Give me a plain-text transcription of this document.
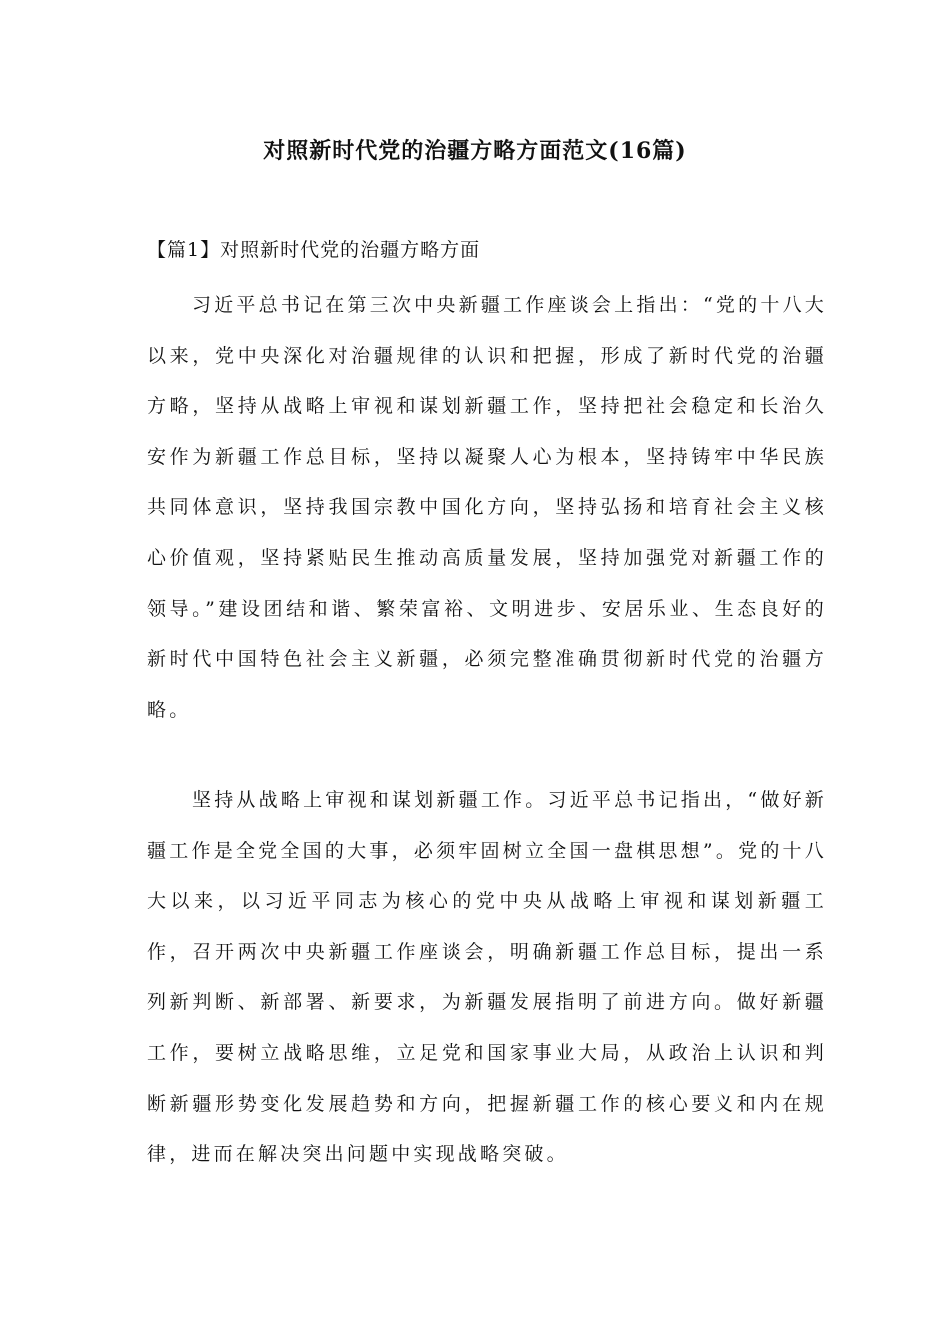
对照新时代党的治疆方略方面范文(16篇)
【篇1】对照新时代党的治疆方略方面

习近平总书记在第三次中央新疆工作座谈会上指出：“党的十八大以来，党中央深化对治疆规律的认识和把握，形成了新时代党的治疆方略，坚持从战略上审视和谋划新疆工作，坚持把社会稳定和长治久安作为新疆工作总目标，坚持以凝聚人心为根本，坚持铸牢中华民族共同体意识，坚持我国宗教中国化方向，坚持弘扬和培育社会主义核心价值观，坚持紧贴民生推动高质量发展，坚持加强党对新疆工作的领导。”建设团结和谐、繁荣富裕、文明进步、安居乐业、生态良好的新时代中国特色社会主义新疆，必须完整准确贯彻新时代党的治疆方略。

坚持从战略上审视和谋划新疆工作。习近平总书记指出，“做好新疆工作是全党全国的大事，必须牢固树立全国一盘棋思想”。党的十八大以来，以习近平同志为核心的党中央从战略上审视和谋划新疆工作，召开两次中央新疆工作座谈会，明确新疆工作总目标，提出一系列新判断、新部署、新要求，为新疆发展指明了前进方向。做好新疆工作，要树立战略思维，立足党和国家事业大局，从政治上认识和判断新疆形势变化发展趋势和方向，把握新疆工作的核心要义和内在规律，进而在解决突出问题中实现战略突破。
